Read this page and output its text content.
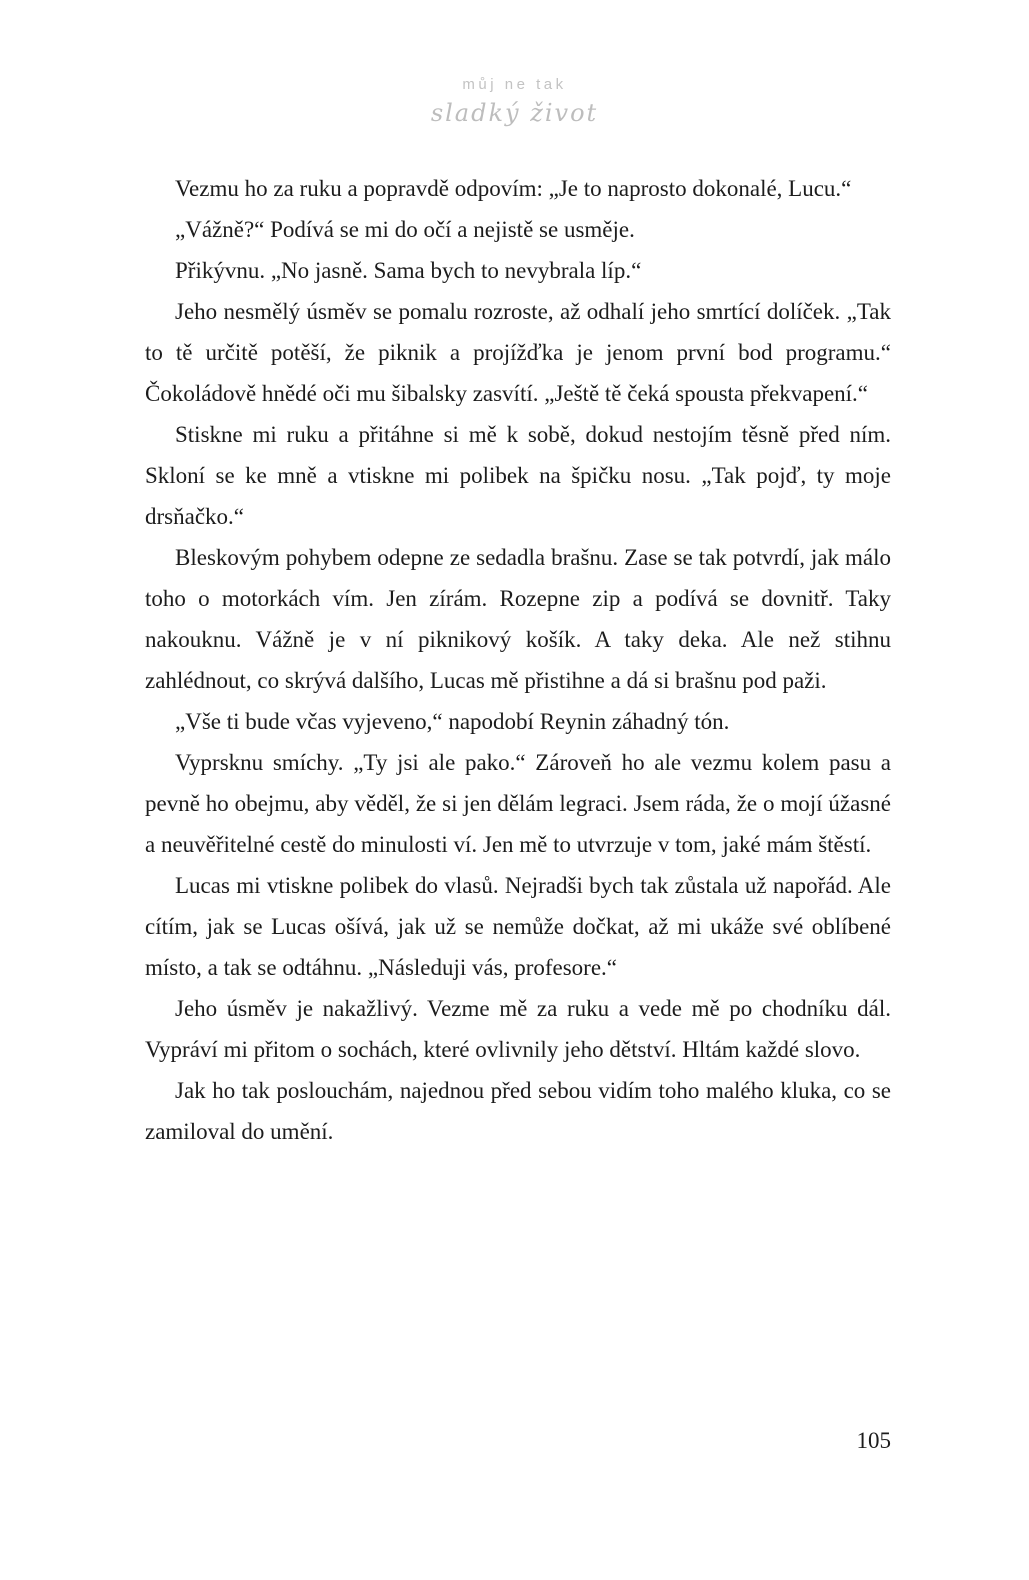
můj ne tak
sladký život

Vezmu ho za ruku a popravdě odpovím: „Je to naprosto dokonalé, Lucu.“

„Vážně?“ Podívá se mi do očí a nejistě se usměje.

Přikývnu. „No jasně. Sama bych to nevybrala líp.“

Jeho nesmělý úsměv se pomalu rozroste, až odhalí jeho smrtící dolíček. „Tak to tě určitě potěší, že piknik a projížďka je jenom první bod programu.“ Čokoládově hnědé oči mu šibalsky zasvítí. „Ještě tě čeká spousta překvapení.“

Stiskne mi ruku a přitáhne si mě k sobě, dokud nestojím těsně před ním. Skloní se ke mně a vtiskne mi polibek na špičku nosu. „Tak pojď, ty moje drsňačko.“

Bleskovým pohybem odepne ze sedadla brašnu. Zase se tak potvrdí, jak málo toho o motorkách vím. Jen zírám. Rozepne zip a podívá se dovnitř. Taky nakouknu. Vážně je v ní piknikový košík. A taky deka. Ale než stihnu zahlédnout, co skrývá dalšího, Lucas mě přistihne a dá si brašnu pod paži.

„Vše ti bude včas vyjeveno,“ napodobí Reynin záhadný tón.

Vyprsknu smíchy. „Ty jsi ale pako.“ Zároveň ho ale vezmu kolem pasu a pevně ho obejmu, aby věděl, že si jen dělám legraci. Jsem ráda, že o mojí úžasné a neuvěřitelné cestě do minulosti ví. Jen mě to utvrzuje v tom, jaké mám štěstí.

Lucas mi vtiskne polibek do vlasů. Nejradši bych tak zůstala už napořád. Ale cítím, jak se Lucas ošívá, jak už se nemůže dočkat, až mi ukáže své oblíbené místo, a tak se odtáhnu. „Následuji vás, profesore.“

Jeho úsměv je nakažlivý. Vezme mě za ruku a vede mě po chodníku dál. Vypráví mi přitom o sochách, které ovlivnily jeho dětství. Hltám každé slovo.

Jak ho tak poslouchám, najednou před sebou vidím toho malého kluka, co se zamiloval do umění.

105
